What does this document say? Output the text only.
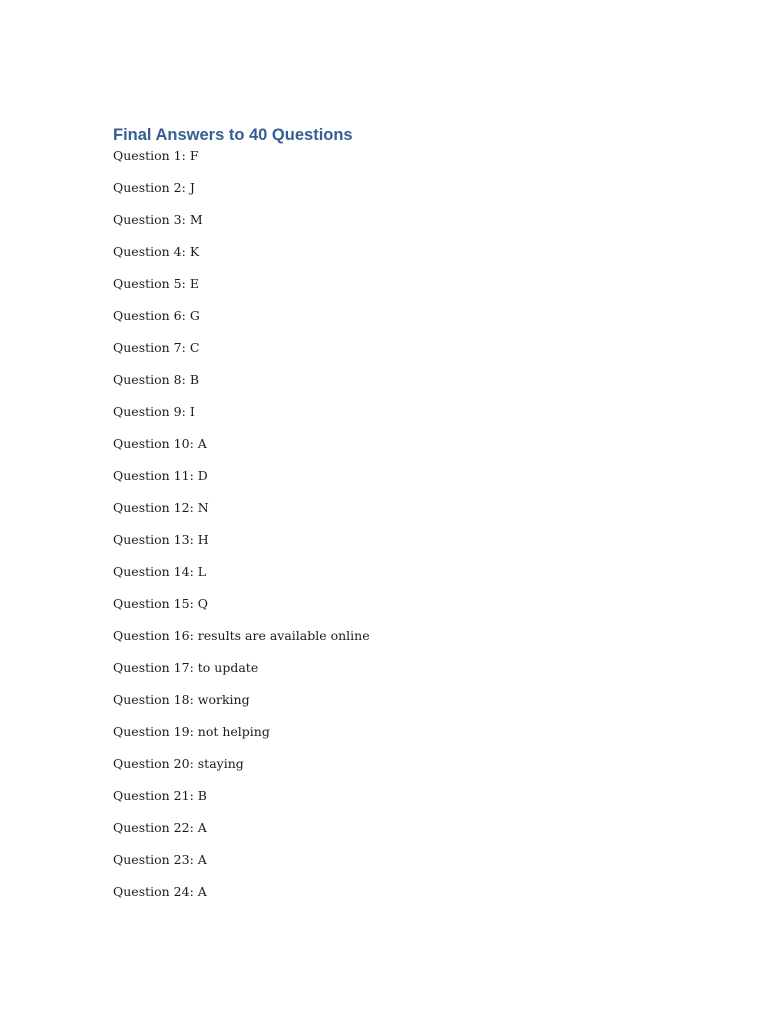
Final Answers to 40 Questions
Question 1: F
Question 2: J
Question 3: M
Question 4: K
Question 5: E
Question 6: G
Question 7: C
Question 8: B
Question 9: I
Question 10: A
Question 11: D
Question 12: N
Question 13: H
Question 14: L
Question 15: Q
Question 16: results are available online
Question 17: to update
Question 18: working
Question 19: not helping
Question 20: staying
Question 21: B
Question 22: A
Question 23: A
Question 24: A
